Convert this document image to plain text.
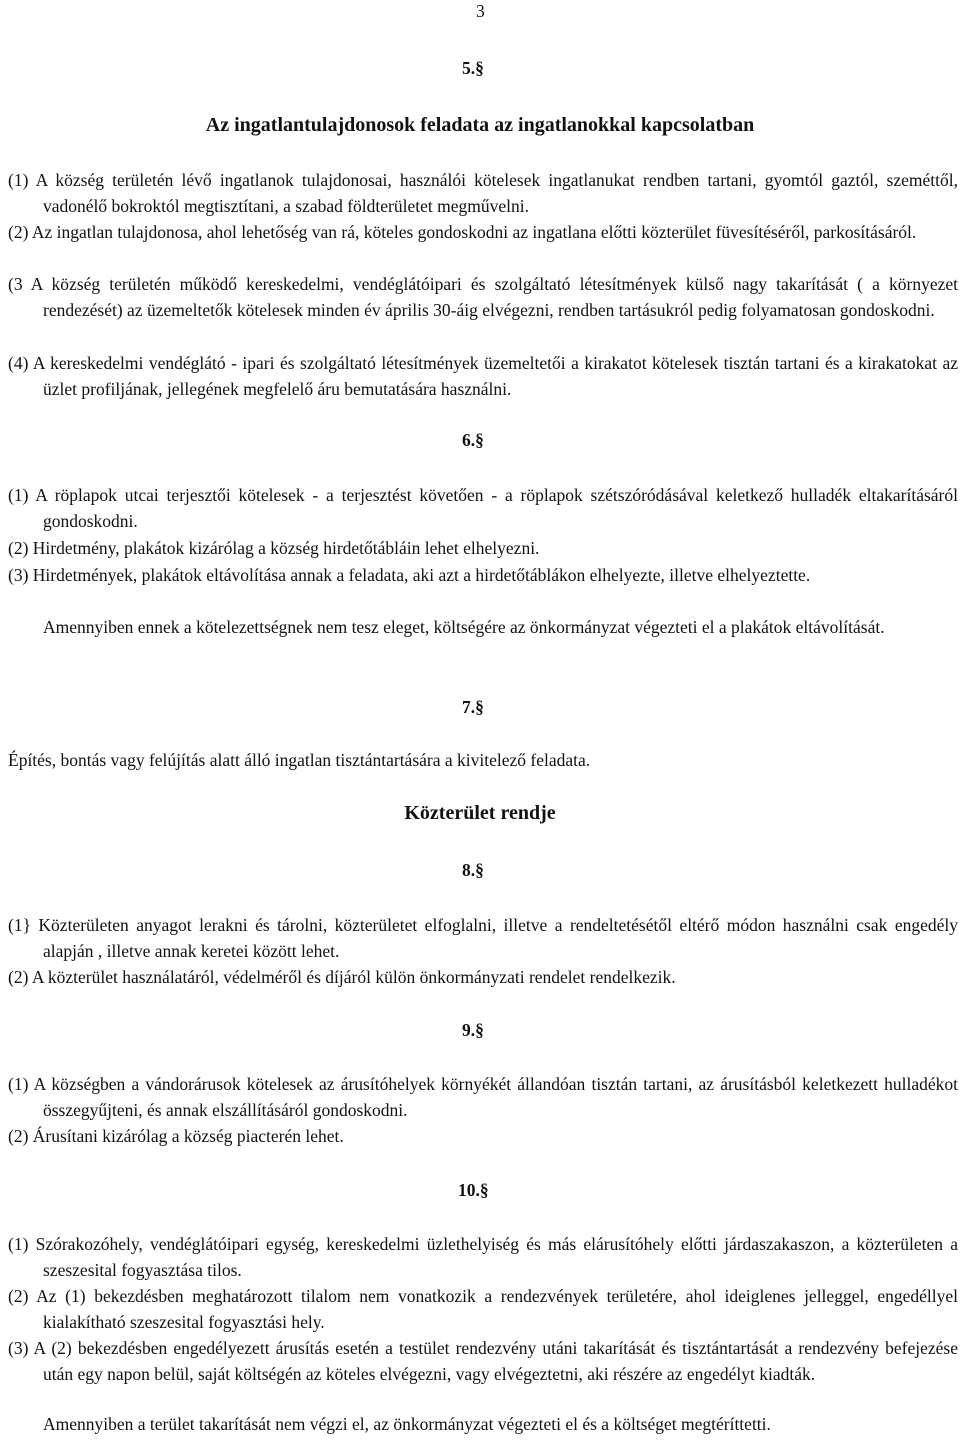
3
5.§
Az ingatlantulajdonosok feladata az ingatlanokkal kapcsolatban
(1) A község területén lévő ingatlanok tulajdonosai, használói kötelesek ingatlanukat rendben tartani, gyomtól gaztól, szeméttől, vadonélő bokroktól megtisztítani, a szabad földterületet megművelni.
(2) Az ingatlan tulajdonosa, ahol lehetőség van rá, köteles gondoskodni az ingatlana előtti közterület füvesítéséről, parkosításáról.
(3 A község területén működő kereskedelmi, vendéglátóipari és szolgáltató létesítmények külső nagy takarítását ( a környezet rendezését) az üzemeltetők kötelesek minden év április 30-áig elvégezni, rendben tartásukról pedig folyamatosan gondoskodni.
(4) A kereskedelmi vendéglátó - ipari és szolgáltató létesítmények üzemeltetői a kirakatot kötelesek tisztán tartani és a kirakatokat az üzlet profiljának, jellegének megfelelő áru bemutatására használni.
6.§
(1) A röplapok utcai terjesztői kötelesek - a terjesztést követően - a röplapok szétszóródásával keletkező hulladék eltakarításáról gondoskodni.
(2) Hirdetmény, plakátok kizárólag a község hirdetőtábláin lehet elhelyezni.
(3) Hirdetmények, plakátok eltávolítása annak a feladata, aki azt a hirdetőtáblákon elhelyezte, illetve elhelyeztette.
Amennyiben ennek a kötelezettségnek nem tesz eleget, költségére az önkormányzat végezteti el a plakátok eltávolítását.
7.§
Építés, bontás vagy felújítás alatt álló ingatlan tisztántartására a kivitelező feladata.
Közterület rendje
8.§
(1} Közterületen anyagot lerakni és tárolni, közterületet elfoglalni, illetve a rendeltetésétől eltérő módon használni csak engedély alapján , illetve annak keretei között lehet.
(2) A közterület használatáról, védelméről és díjáról külön önkormányzati rendelet rendelkezik.
9.§
(1) A községben a vándorárusok kötelesek az árusítóhelyek környékét állandóan tisztán tartani, az árusításból keletkezett hulladékot összegyűjteni, és annak elszállításáról gondoskodni.
(2) Árusítani kizárólag a község piacterén lehet.
10.§
(1) Szórakozóhely, vendéglátóipari egység, kereskedelmi üzlethelyiség és más elárusítóhely előtti járdaszakaszon, a közterületen a szeszesital fogyasztása tilos.
(2) Az (1) bekezdésben meghatározott tilalom nem vonatkozik a rendezvények területére, ahol ideiglenes jelleggel, engedéllyel kialakítható szeszesital fogyasztási hely.
(3) A (2) bekezdésben engedélyezett árusítás esetén a testület rendezvény utáni takarítását és tisztántartását a rendezvény befejezése után egy napon belül, saját költségén az köteles elvégezni, vagy elvégeztetni, aki részére az engedélyt kiadták.
Amennyiben a terület takarítását nem végzi el, az önkormányzat végezteti el és a költséget megtéríttetti.
